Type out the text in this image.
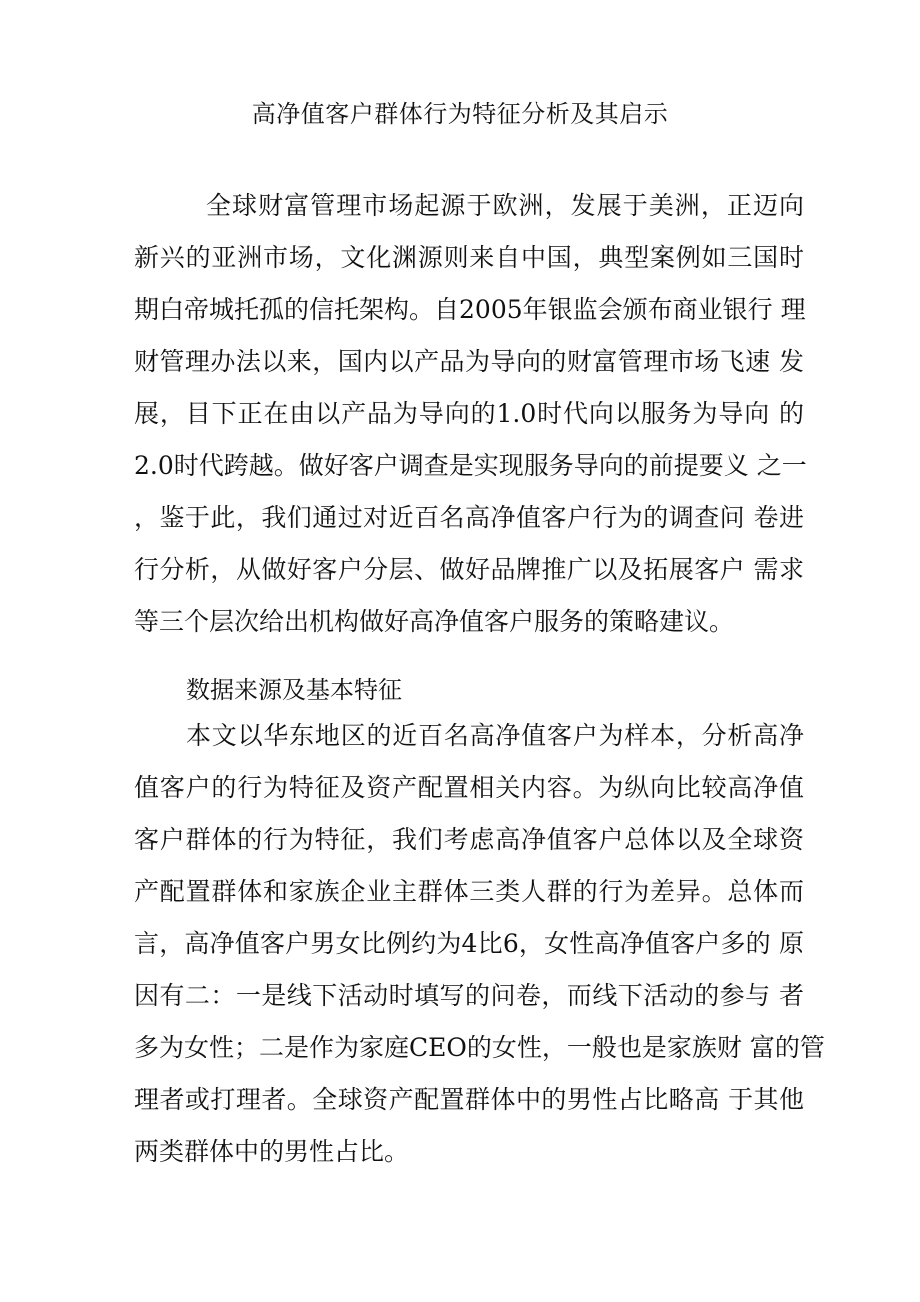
高净值客户群体行为特征分析及其启示
全球财富管理市场起源于欧洲，发展于美洲，正迈向
新兴的亚洲市场，文化渊源则来自中国，典型案例如三国时
期白帝城托孤的信托架构。自2005年银监会颁布商业银行 理
财管理办法以来，国内以产品为导向的财富管理市场飞速 发
展，目下正在由以产品为导向的1.0时代向以服务为导向 的
2.0时代跨越。做好客户调查是实现服务导向的前提要义 之一
，鉴于此，我们通过对近百名高净值客户行为的调查问 卷进
行分析，从做好客户分层、做好品牌推广以及拓展客户 需求
等三个层次给出机构做好高净值客户服务的策略建议。
数据来源及基本特征
本文以华东地区的近百名高净值客户为样本，分析高净
值客户的行为特征及资产配置相关内容。为纵向比较高净值
客户群体的行为特征，我们考虑高净值客户总体以及全球资
产配置群体和家族企业主群体三类人群的行为差异。总体而
言，高净值客户男女比例约为4比6，女性高净值客户多的 原
因有二：一是线下活动时填写的问卷，而线下活动的参与 者
多为女性；二是作为家庭CEO的女性，一般也是家族财 富的管
理者或打理者。全球资产配置群体中的男性占比略高 于其他
两类群体中的男性占比。
